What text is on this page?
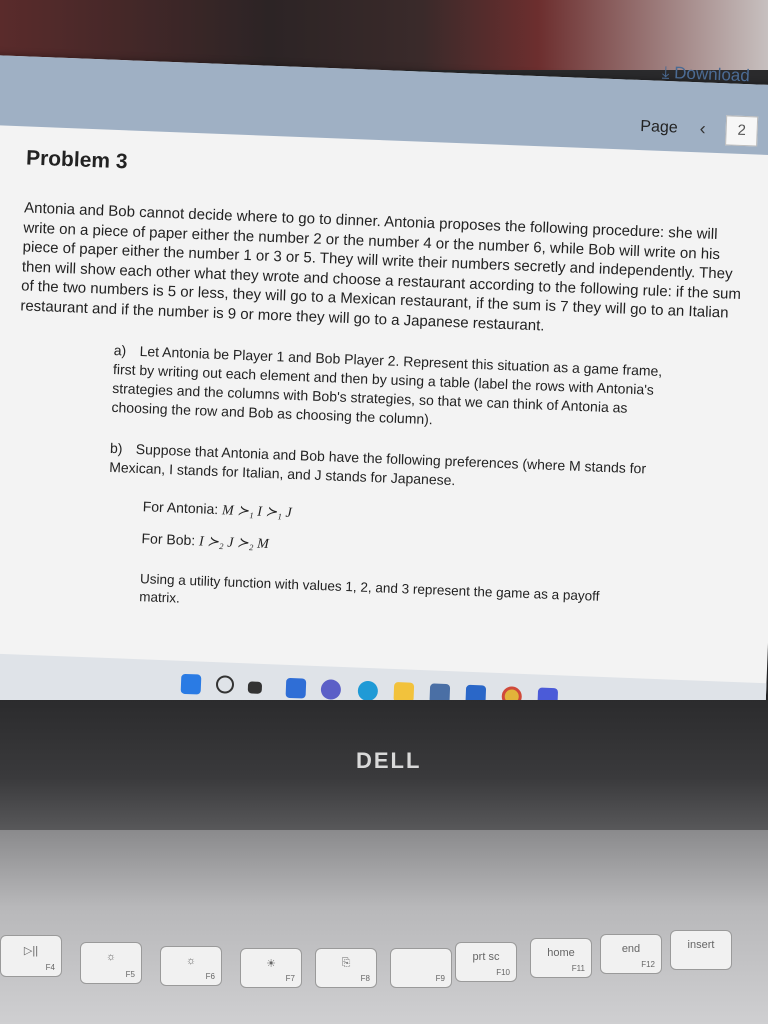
⤓ Download
Page ‹	2
Problem 3

Antonia and Bob cannot decide where to go to dinner. Antonia proposes the following procedure: she will write on a piece of paper either the number 2 or the number 4 or the number 6, while Bob will write on his piece of paper either the number 1 or 3 or 5. They will write their numbers secretly and independently. They then will show each other what they wrote and choose a restaurant according to the following rule: if the sum of the two numbers is 5 or less, they will go to a Mexican restaurant, if the sum is 7 they will go to an Italian restaurant and if the number is 9 or more they will go to a Japanese restaurant.

a) Let Antonia be Player 1 and Bob Player 2. Represent this situation as a game frame, first by writing out each element and then by using a table (label the rows with Antonia's strategies and the columns with Bob's strategies, so that we can think of Antonia as choosing the row and Bob as choosing the column).
b) Suppose that Antonia and Bob have the following preferences (where M stands for Mexican, I stands for Italian, and J stands for Japanese.
For Antonia: M ≻₁ I ≻₁ J
For Bob: I ≻₂ J ≻₂ M
Using a utility function with values 1, 2, and 3 represent the game as a payoff matrix.
DELL
▷||
F4
☼
F5
☼
F6
☀
F7
⎘
F8	F9
prt sc
F10
home
F11
end
F12
insert
